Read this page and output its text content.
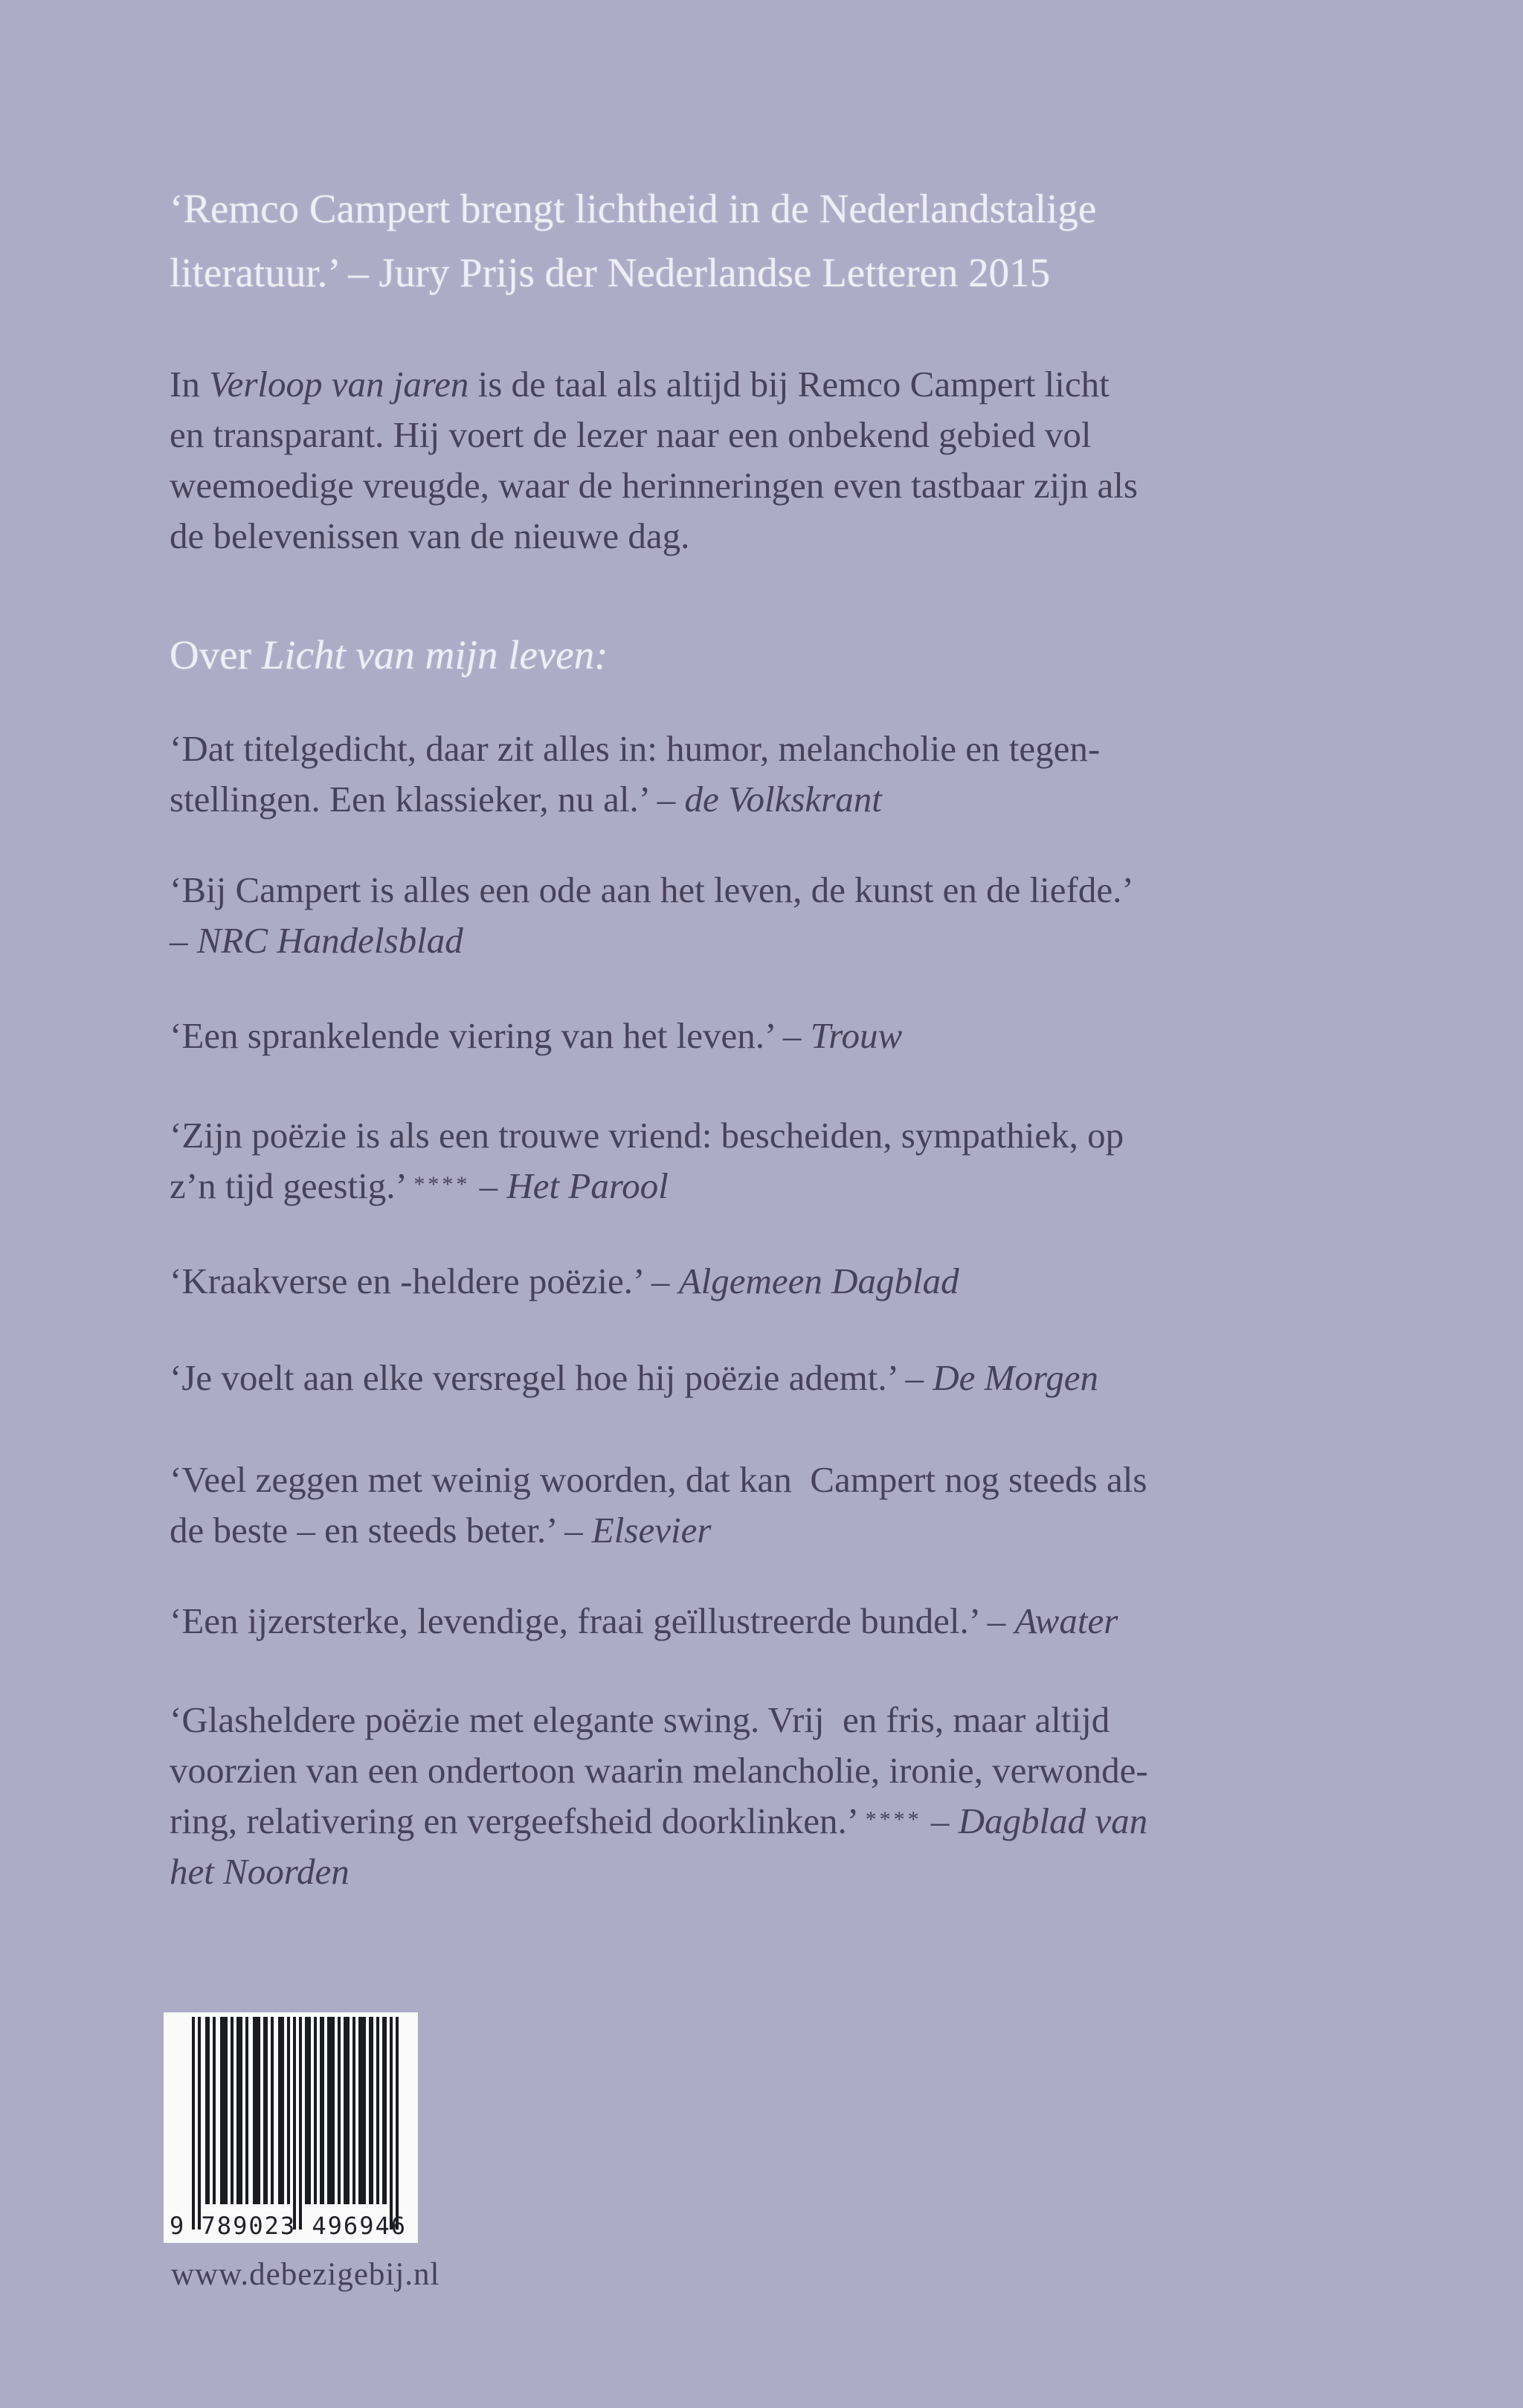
‘Remco Campert brengt lichtheid in de Nederlandstalige
literatuur.’ – Jury Prijs der Nederlandse Letteren 2015
In Verloop van jaren is de taal als altijd bij Remco Campert licht
en transparant. Hij voert de lezer naar een onbekend gebied vol
weemoedige vreugde, waar de herinneringen even tastbaar zijn als
de belevenissen van de nieuwe dag.
Over Licht van mijn leven:
‘Dat titelgedicht, daar zit alles in: humor, melancholie en tegen-
stellingen. Een klassieker, nu al.’ – de Volkskrant
‘Bij Campert is alles een ode aan het leven, de kunst en de liefde.’
– NRC Handelsblad
‘Een sprankelende viering van het leven.’ – Trouw
‘Zijn poëzie is als een trouwe vriend: bescheiden, sympathiek, op
z’n tijd geestig.’ **** – Het Parool
‘Kraakverse en -heldere poëzie.’ – Algemeen Dagblad
‘Je voelt aan elke versregel hoe hij poëzie ademt.’ – De Morgen
‘Veel zeggen met weinig woorden, dat kan  Campert nog steeds als
de beste – en steeds beter.’ – Elsevier
‘Een ijzersterke, levendige, fraai geïllustreerde bundel.’ – Awater
‘Glasheldere poëzie met elegante swing. Vrij  en fris, maar altijd
voorzien van een ondertoon waarin melancholie, ironie, verwonde-
ring, relativering en vergeefsheid doorklinken.’ **** – Dagblad van
het Noorden
9 789023 496946
www.debezigebij.nl
